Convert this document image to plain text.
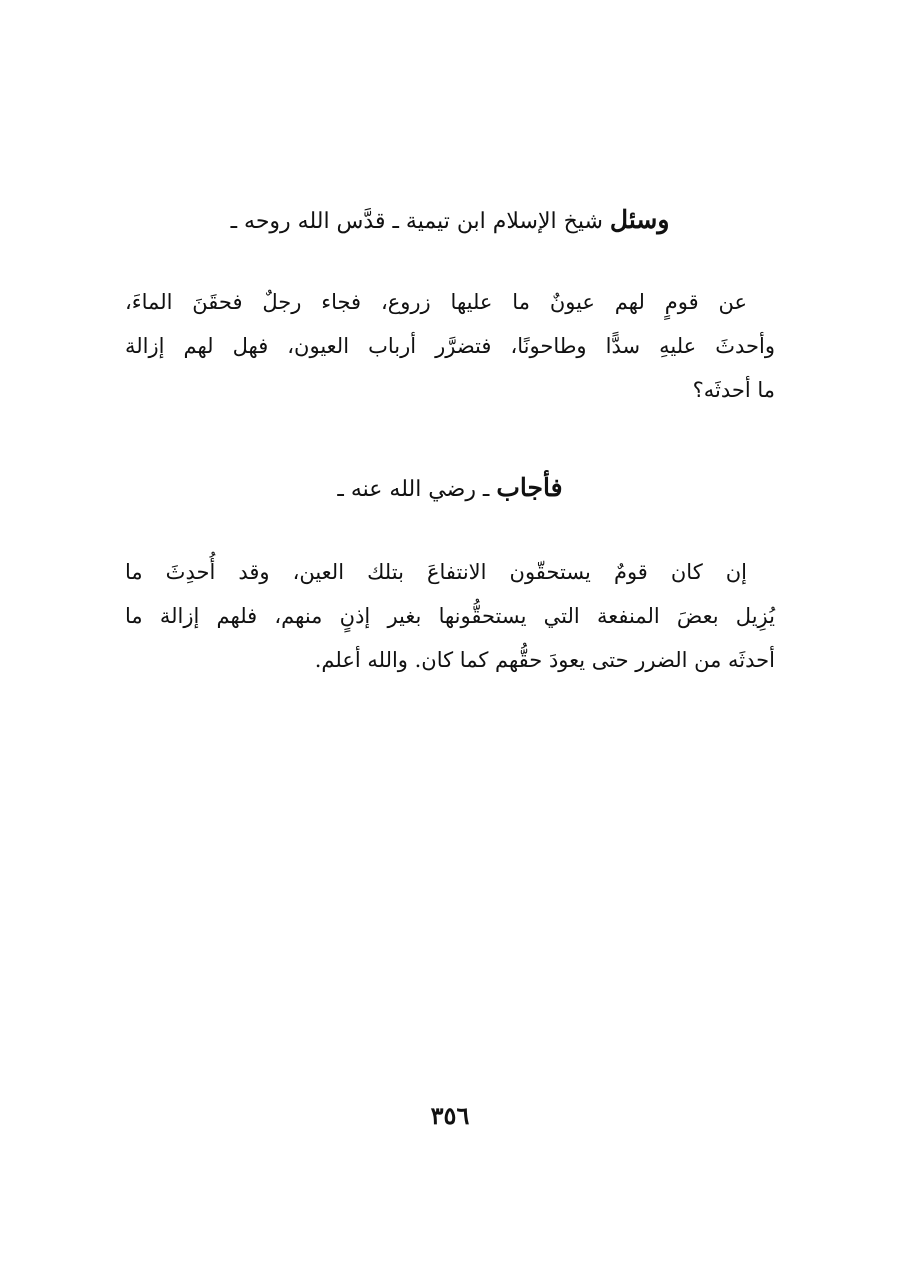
وسئل شيخ الإسلام ابن تيمية ـ قدَّس الله روحه ـ
عن قومٍ لهم عيونٌ ما عليها زروع، فجاء رجلٌ فحقَنَ الماءَ،
وأحدثَ عليهِ سدًّا وطاحونًا، فتضرَّر أرباب العيون، فهل لهم إزالة
ما أحدثَه؟
فأجاب ـ رضي الله عنه ـ
إن كان قومٌ يستحقّون الانتفاعَ بتلك العين، وقد أُحدِثَ ما
يُزِيل بعضَ المنفعة التي يستحقُّونها بغير إذنٍ منهم، فلهم إزالة ما
أحدثَه من الضرر حتى يعودَ حقُّهم كما كان. والله أعلم.
٣٥٦
